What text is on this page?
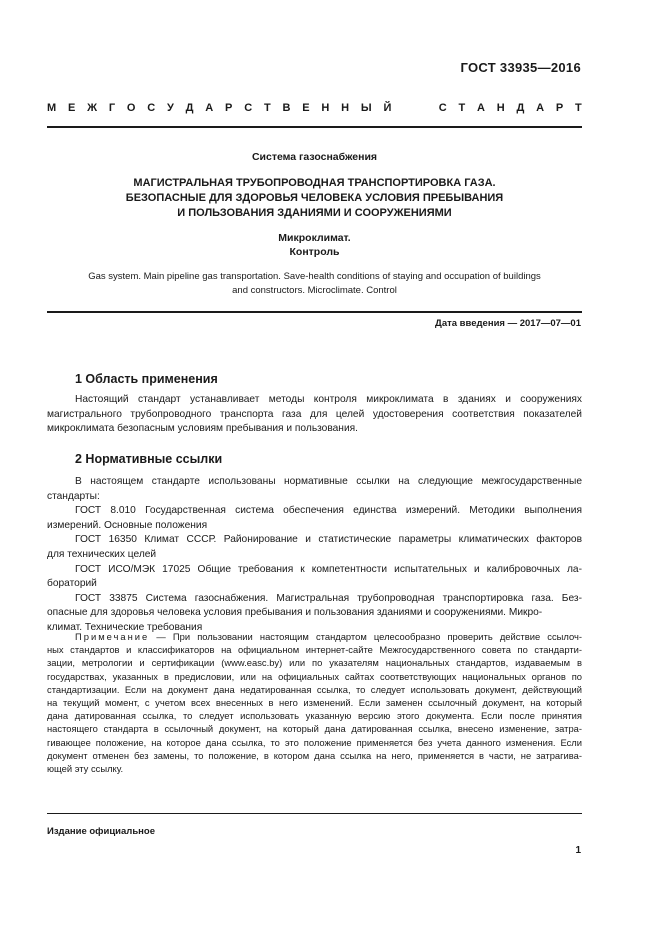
ГОСТ 33935—2016
М Е Ж Г О С У Д А Р С Т В Е Н Н Ы Й	С Т А Н Д А Р Т
Система газоснабжения
МАГИСТРАЛЬНАЯ ТРУБОПРОВОДНАЯ ТРАНСПОРТИРОВКА ГАЗА.
БЕЗОПАСНЫЕ ДЛЯ ЗДОРОВЬЯ ЧЕЛОВЕКА УСЛОВИЯ ПРЕБЫВАНИЯ
И ПОЛЬЗОВАНИЯ ЗДАНИЯМИ И СООРУЖЕНИЯМИ
Микроклимат.
Контроль
Gas system. Main pipeline gas transportation. Save-health conditions of staying and occupation of buildings
and constructors. Microclimate. Control
Дата введения — 2017—07—01
1 Область применения
Настоящий стандарт устанавливает методы контроля микроклимата в зданиях и сооружениях
магистрального трубопроводного транспорта газа для целей удостоверения соответствия показателей
микроклимата безопасным условиям пребывания и пользования.
2 Нормативные ссылки
В настоящем стандарте использованы нормативные ссылки на следующие межгосударственные
стандарты:
ГОСТ 8.010 Государственная система обеспечения единства измерений. Методики выполнения
измерений. Основные положения
ГОСТ 16350 Климат СССР. Районирование и статистические параметры климатических факторов
для технических целей
ГОСТ ИСО/МЭК 17025 Общие требования к компетентности испытательных и калибровочных ла-
бораторий
ГОСТ 33875 Система газоснабжения. Магистральная трубопроводная транспортировка газа. Без-
опасные для здоровья человека условия пребывания и пользования зданиями и сооружениями. Микро-
климат. Технические требования
Примечание — При пользовании настоящим стандартом целесообразно проверить действие ссылоч-
ных стандартов и классификаторов на официальном интернет-сайте Межгосударственного совета по стандарти-
зации, метрологии и сертификации (www.easc.by) или по указателям национальных стандартов, издаваемым в
государствах, указанных в предисловии, или на официальных сайтах соответствующих национальных органов по
стандартизации. Если на документ дана недатированная ссылка, то следует использовать документ, действующий
на текущий момент, с учетом всех внесенных в него изменений. Если заменен ссылочный документ, на который
дана датированная ссылка, то следует использовать указанную версию этого документа. Если после принятия
настоящего стандарта в ссылочный документ, на который дана датированная ссылка, внесено изменение, затра-
гивающее положение, на которое дана ссылка, то это положение применяется без учета данного изменения. Если
документ отменен без замены, то положение, в котором дана ссылка на него, применяется в части, не затрагива-
ющей эту ссылку.
Издание официальное
1
